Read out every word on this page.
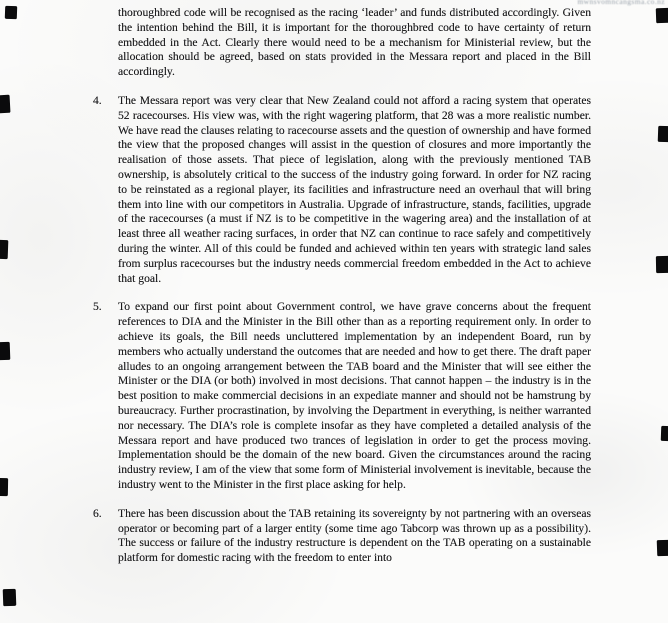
mwnsvomncangsma.co.nz

thoroughbred code will be recognised as the racing ‘leader’ and funds distributed accordingly. Given the intention behind the Bill, it is important for the thoroughbred code to have certainty of return embedded in the Act. Clearly there would need to be a mechanism for Ministerial review, but the allocation should be agreed, based on stats provided in the Messara report and placed in the Bill accordingly.

4. The Messara report was very clear that New Zealand could not afford a racing system that operates 52 racecourses. His view was, with the right wagering platform, that 28 was a more realistic number. We have read the clauses relating to racecourse assets and the question of ownership and have formed the view that the proposed changes will assist in the question of closures and more importantly the realisation of those assets. That piece of legislation, along with the previously mentioned TAB ownership, is absolutely critical to the success of the industry going forward. In order for NZ racing to be reinstated as a regional player, its facilities and infrastructure need an overhaul that will bring them into line with our competitors in Australia. Upgrade of infrastructure, stands, facilities, upgrade of the racecourses (a must if NZ is to be competitive in the wagering area) and the installation of at least three all weather racing surfaces, in order that NZ can continue to race safely and competitively during the winter. All of this could be funded and achieved within ten years with strategic land sales from surplus racecourses but the industry needs commercial freedom embedded in the Act to achieve that goal.
5. To expand our first point about Government control, we have grave concerns about the frequent references to DIA and the Minister in the Bill other than as a reporting requirement only. In order to achieve its goals, the Bill needs uncluttered implementation by an independent Board, run by members who actually understand the outcomes that are needed and how to get there. The draft paper alludes to an ongoing arrangement between the TAB board and the Minister that will see either the Minister or the DIA (or both) involved in most decisions. That cannot happen – the industry is in the best position to make commercial decisions in an expediate manner and should not be hamstrung by bureaucracy. Further procrastination, by involving the Department in everything, is neither warranted nor necessary. The DIA’s role is complete insofar as they have completed a detailed analysis of the Messara report and have produced two trances of legislation in order to get the process moving. Implementation should be the domain of the new board. Given the circumstances around the racing industry review, I am of the view that some form of Ministerial involvement is inevitable, because the industry went to the Minister in the first place asking for help.
6. There has been discussion about the TAB retaining its sovereignty by not partnering with an overseas operator or becoming part of a larger entity (some time ago Tabcorp was thrown up as a possibility). The success or failure of the industry restructure is dependent on the TAB operating on a sustainable platform for domestic racing with the freedom to enter into
